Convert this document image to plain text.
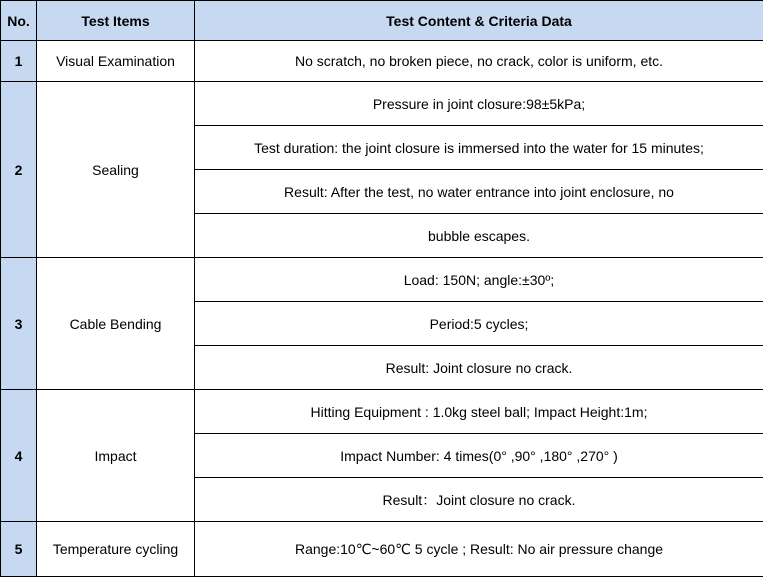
No.	Test Items	Test Content & Criteria Data
1	Visual Examination	No scratch, no broken piece, no crack, color is uniform, etc.
2	Sealing	Pressure in joint closure:98±5kPa;
		Test duration: the joint closure is immersed into the water for 15 minutes;
		Result: After the test, no water entrance into joint enclosure, no
		bubble escapes.
3	Cable Bending	Load: 150N; angle:±30º;
		Period:5 cycles;
		Result: Joint closure no crack.
4	Impact	Hitting Equipment : 1.0kg steel ball; Impact Height:1m;
		Impact Number: 4 times(0° ,90° ,180° ,270° )
		Result：Joint closure no crack.
5	Temperature cycling	Range:10℃~60℃ 5 cycle ; Result: No air pressure change
